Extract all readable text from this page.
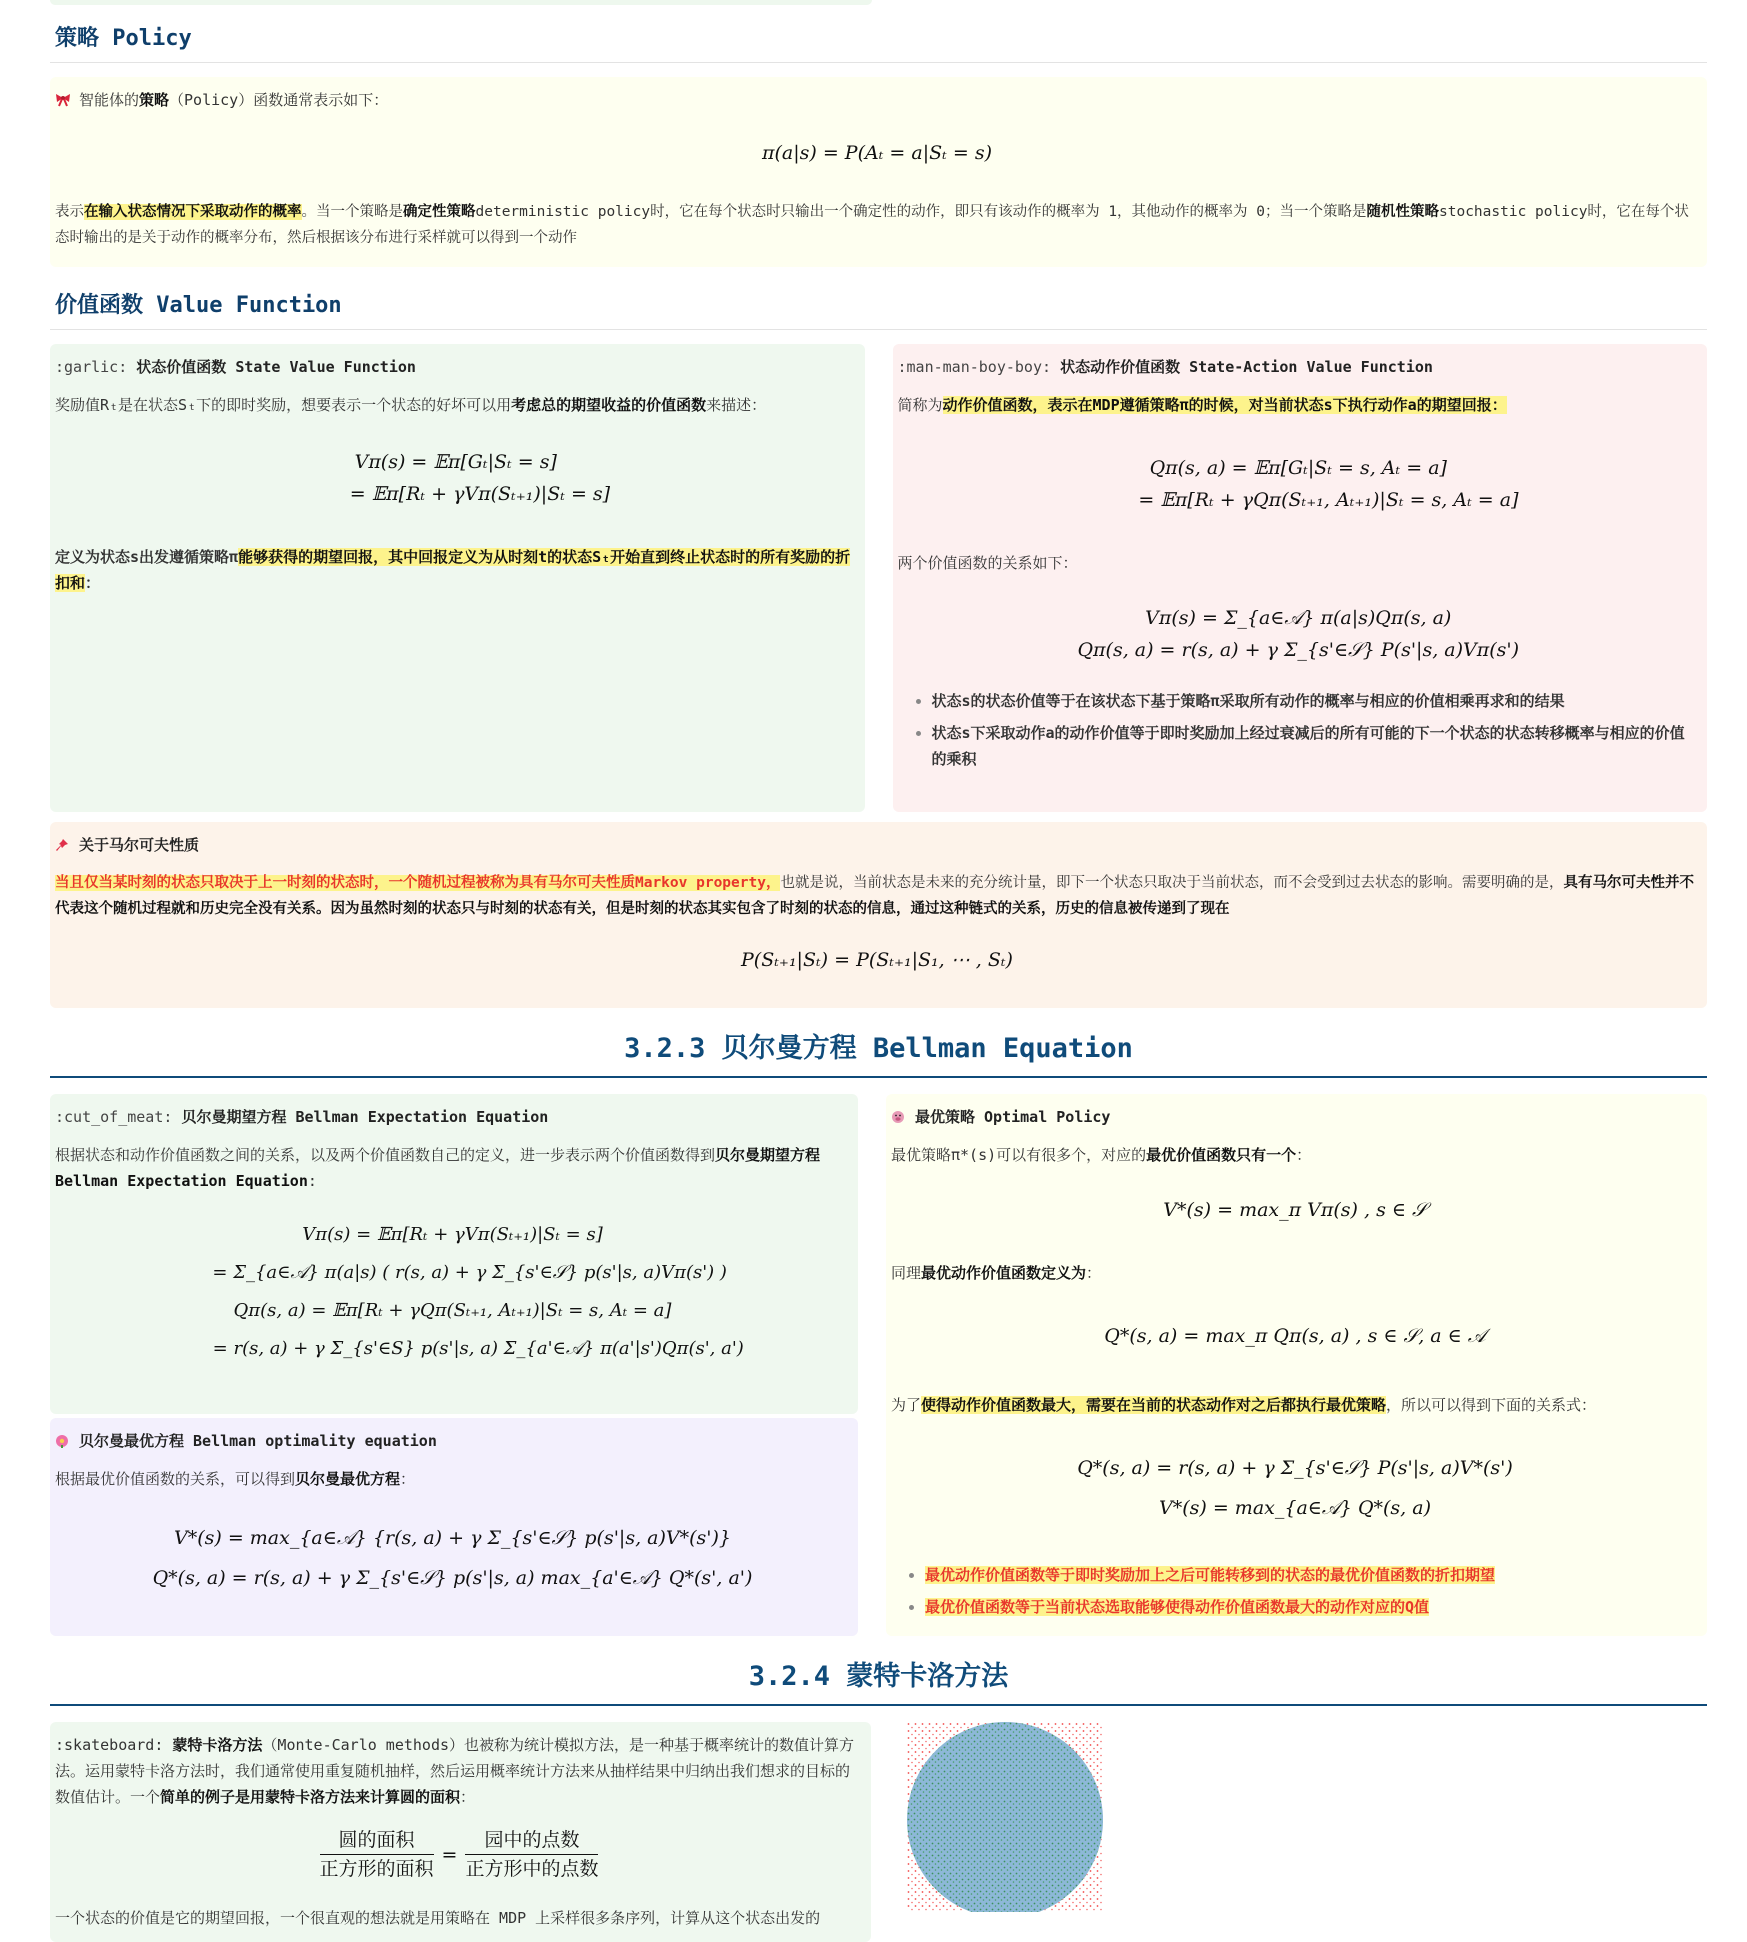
策略 Policy

智能体的策略（Policy）函数通常表示如下：

π(a|s) = P(Aₜ = a|Sₜ = s)

表示在输入状态情况下采取动作的概率。当一个策略是确定性策略deterministic policy时，它在每个状态时只输出一个确定性的动作，即只有该动作的概率为 1，其他动作的概率为 0；当一个策略是随机性策略stochastic policy时，它在每个状态时输出的是关于动作的概率分布，然后根据该分布进行采样就可以得到一个动作

价值函数 Value Function
:garlic: 状态价值函数 State Value Function

奖励值Rₜ是在状态Sₜ下的即时奖励，想要表示一个状态的好坏可以用考虑总的期望收益的价值函数来描述：

Vπ(s) = 𝔼π[Gₜ|Sₜ = s]
= 𝔼π[Rₜ + γVπ(Sₜ₊₁)|Sₜ = s]

定义为状态s出发遵循策略π能够获得的期望回报，其中回报定义为从时刻t的状态Sₜ开始直到终止状态时的所有奖励的折扣和：

:man-man-boy-boy: 状态动作价值函数 State-Action Value Function

简称为动作价值函数，表示在MDP遵循策略π的时候，对当前状态s下执行动作a的期望回报：

Qπ(s, a) = 𝔼π[Gₜ|Sₜ = s, Aₜ = a]
= 𝔼π[Rₜ + γQπ(Sₜ₊₁, Aₜ₊₁)|Sₜ = s, Aₜ = a]

两个价值函数的关系如下：

Vπ(s) = Σ_{a∈𝒜} π(a|s)Qπ(s, a)
Qπ(s, a) = r(s, a) + γ Σ_{s'∈𝒮} P(s'|s, a)Vπ(s')
• 状态s的状态价值等于在该状态下基于策略π采取所有动作的概率与相应的价值相乘再求和的结果
• 状态s下采取动作a的动作价值等于即时奖励加上经过衰减后的所有可能的下一个状态的状态转移概率与相应的价值的乘积
关于马尔可夫性质

当且仅当某时刻的状态只取决于上一时刻的状态时，一个随机过程被称为具有马尔可夫性质Markov property，也就是说，当前状态是未来的充分统计量，即下一个状态只取决于当前状态，而不会受到过去状态的影响。需要明确的是，具有马尔可夫性并不代表这个随机过程就和历史完全没有关系。因为虽然时刻的状态只与时刻的状态有关，但是时刻的状态其实包含了时刻的状态的信息，通过这种链式的关系，历史的信息被传递到了现在

P(Sₜ₊₁|Sₜ) = P(Sₜ₊₁|S₁, ⋯ , Sₜ)
3.2.3 贝尔曼方程 Bellman Equation
:cut_of_meat: 贝尔曼期望方程 Bellman Expectation Equation

根据状态和动作价值函数之间的关系，以及两个价值函数自己的定义，进一步表示两个价值函数得到贝尔曼期望方程Bellman Expectation Equation:

Vπ(s) = 𝔼π[Rₜ + γVπ(Sₜ₊₁)|Sₜ = s]
= Σ_{a∈𝒜} π(a|s) ( r(s, a) + γ Σ_{s'∈𝒮} p(s'|s, a)Vπ(s') )
Qπ(s, a) = 𝔼π[Rₜ + γQπ(Sₜ₊₁, Aₜ₊₁)|Sₜ = s, Aₜ = a]
= r(s, a) + γ Σ_{s'∈S} p(s'|s, a) Σ_{a'∈𝒜} π(a'|s')Qπ(s', a')
贝尔曼最优方程 Bellman optimality equation

根据最优价值函数的关系，可以得到贝尔曼最优方程：

V*(s) = max_{a∈𝒜} {r(s, a) + γ Σ_{s'∈𝒮} p(s'|s, a)V*(s')}
Q*(s, a) = r(s, a) + γ Σ_{s'∈𝒮} p(s'|s, a) max_{a'∈𝒜} Q*(s', a')
最优策略 Optimal Policy

最优策略π*(s)可以有很多个，对应的最优价值函数只有一个：

V*(s) = max_π Vπ(s) , s ∈ 𝒮

同理最优动作价值函数定义为：

Q*(s, a) = max_π Qπ(s, a) , s ∈ 𝒮, a ∈ 𝒜

为了使得动作价值函数最大，需要在当前的状态动作对之后都执行最优策略，所以可以得到下面的关系式：

Q*(s, a) = r(s, a) + γ Σ_{s'∈𝒮} P(s'|s, a)V*(s')
V*(s) = max_{a∈𝒜} Q*(s, a)
• 最优动作价值函数等于即时奖励加上之后可能转移到的状态的最优价值函数的折扣期望
• 最优价值函数等于当前状态选取能够使得动作价值函数最大的动作对应的Q值
3.2.4 蒙特卡洛方法

:skateboard: 蒙特卡洛方法（Monte-Carlo methods）也被称为统计模拟方法，是一种基于概率统计的数值计算方法。运用蒙特卡洛方法时，我们通常使用重复随机抽样，然后运用概率统计方法来从抽样结果中归纳出我们想求的目标的数值估计。一个简单的例子是用蒙特卡洛方法来计算圆的面积：

圆的面积
正方形的面积
=
园中的点数
正方形中的点数

一个状态的价值是它的期望回报，一个很直观的想法就是用策略在 MDP 上采样很多条序列，计算从这个状态出发的
